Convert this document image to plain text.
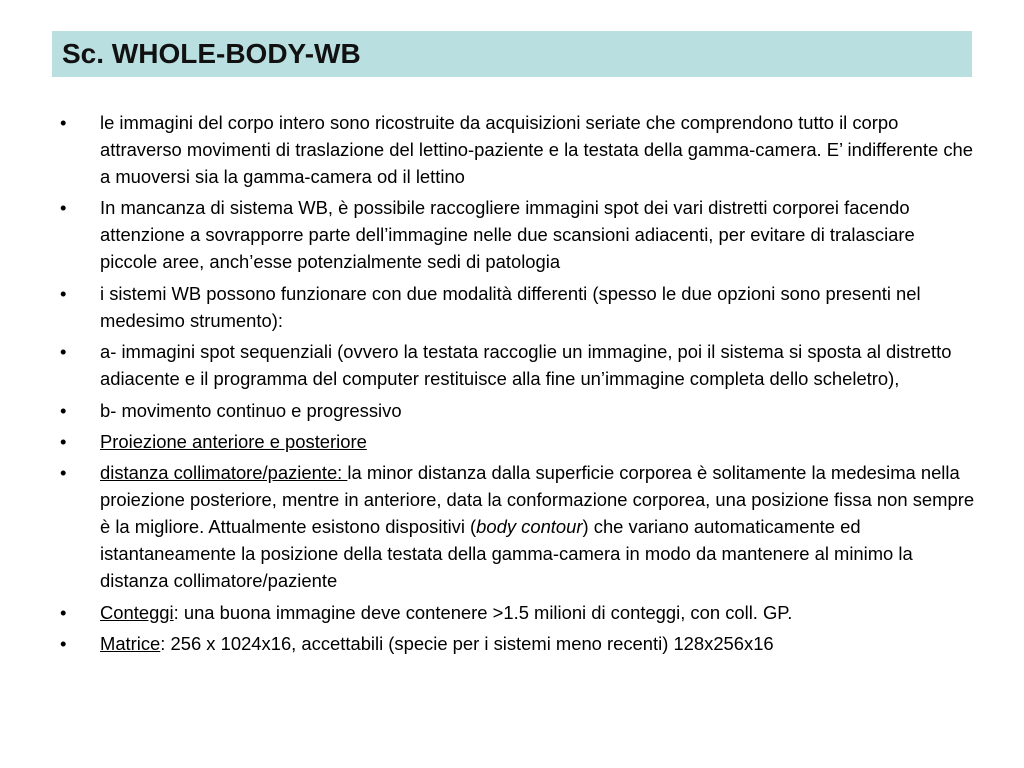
Sc. WHOLE-BODY-WB
• le immagini del corpo intero sono ricostruite da acquisizioni seriate che comprendono tutto il corpo attraverso movimenti di traslazione del lettino-paziente e la testata della gamma-camera. E’ indifferente che a muoversi sia la gamma-camera od il lettino
• In mancanza di sistema WB, è possibile raccogliere immagini spot dei vari distretti corporei facendo attenzione a sovrapporre parte dell’immagine nelle due scansioni adiacenti, per evitare di tralasciare piccole aree, anch’esse potenzialmente sedi di patologia
• i sistemi WB possono funzionare con due modalità differenti (spesso le due opzioni sono presenti nel medesimo strumento):
• a- immagini spot sequenziali (ovvero la testata raccoglie un immagine, poi il sistema si sposta al distretto adiacente e il programma del computer restituisce alla fine un’immagine completa dello scheletro),
• b- movimento continuo e progressivo
• Proiezione anteriore e posteriore
• distanza collimatore/paziente: la minor distanza dalla superficie corporea è solitamente la medesima nella proiezione posteriore, mentre in anteriore, data la conformazione corporea, una posizione fissa non sempre è la migliore. Attualmente esistono dispositivi (body contour) che variano automaticamente ed istantaneamente la posizione della testata della gamma-camera in modo da mantenere al minimo la distanza collimatore/paziente
• Conteggi: una buona immagine deve contenere >1.5 milioni di conteggi, con coll. GP.
• Matrice: 256 x 1024x16, accettabili (specie per i sistemi meno recenti) 128x256x16
